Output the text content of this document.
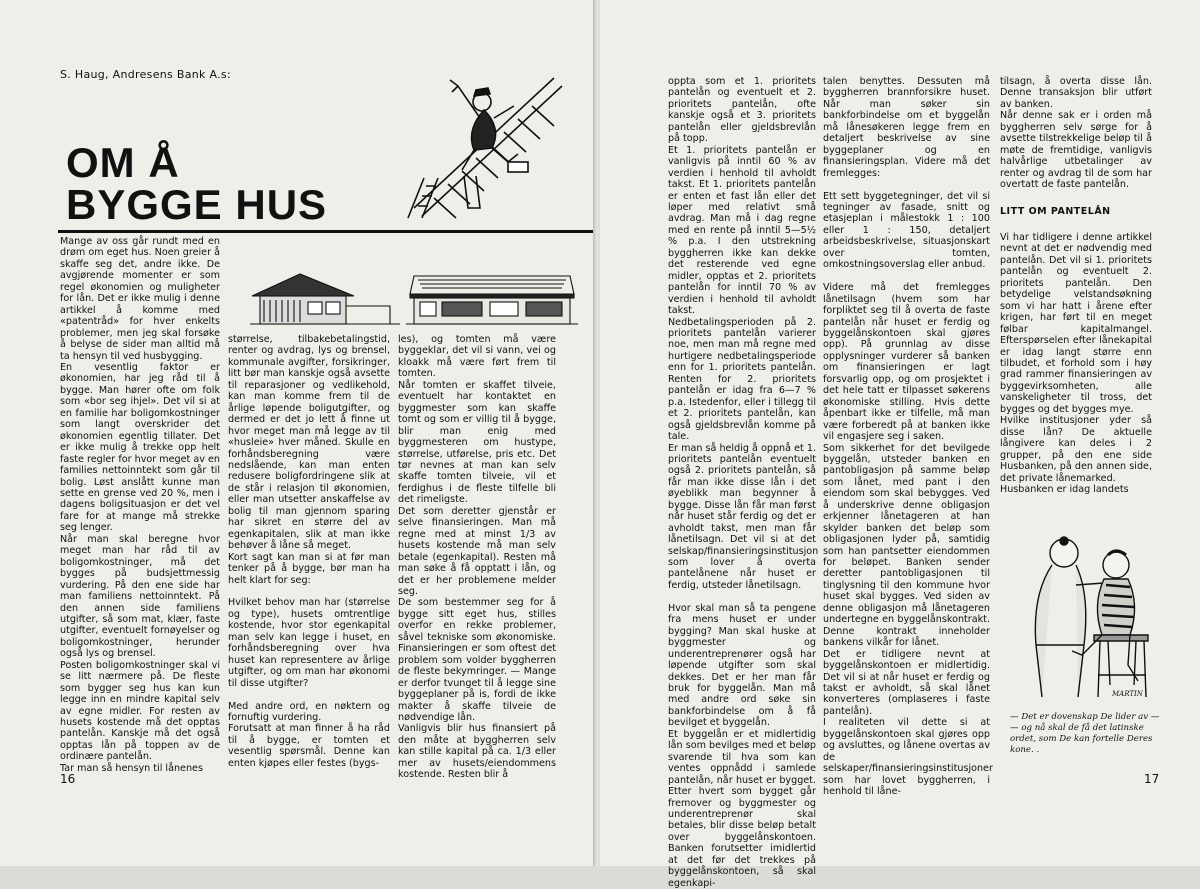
S. Haug, Andresens Bank A.s:
OM Å
BYGGE HUS
Mange av oss går rundt med en drøm om eget hus. Noen greier å skaffe seg det, andre ikke. De avgjørende momenter er som regel økonomien og muligheter for lån. Det er ikke mulig i denne artikkel å komme med «patentråd» for hver enkelts problemer, men jeg skal forsøke å belyse de sider man alltid må ta hensyn til ved husbygging.
En vesentlig faktor er økonomien, har jeg råd til å bygge. Man hører ofte om folk som «bor seg ihjel». Det vil si at en familie har boligomkostninger som langt overskrider det økonomien egentlig tillater. Det er ikke mulig å trekke opp helt faste regler for hvor meget av en families nettoinntekt som går til bolig. Løst anslått kunne man sette en grense ved 20 %, men i dagens boligsituasjon er det vel fare for at mange må strekke seg lenger.
Når man skal beregne hvor meget man har råd til av boligomkostninger, må det bygges på budsjettmessig vurdering. På den ene side har man familiens nettoinntekt. På den annen side familiens utgifter, så som mat, klær, faste utgifter, eventuelt fornøyelser og boligomkostninger, herunder også lys og brensel.
Posten boligomkostninger skal vi se litt nærmere på. De fleste som bygger seg hus kan kun legge inn en mindre kapital selv av egne midler. For resten av husets kostende må det opptas pantelån. Kanskje må det også opptas lån på toppen av de ordinære pantelån.
Tar man så hensyn til lånenes
størrelse, tilbakebetalingstid, renter og avdrag, lys og brensel, kommunale avgifter, forsikringer, litt bør man kanskje også avsette til reparasjoner og vedlikehold, kan man komme frem til de årlige løpende boligutgifter, og dermed er det jo lett å finne ut hvor meget man må legge av til «husleie» hver måned. Skulle en forhåndsberegning være nedslående, kan man enten redusere boligfordringene slik at de står i relasjon til økonomien, eller man utsetter anskaffelse av bolig til man gjennom sparing har sikret en større del av egenkapitalen, slik at man ikke behøver å låne så meget.
Kort sagt kan man si at før man tenker på å bygge, bør man ha helt klart for seg:

Hvilket behov man har (størrelse og type), husets omtrentlige kostende, hvor stor egenkapital man selv kan legge i huset, en forhåndsberegning over hva huset kan representere av årlige utgifter, og om man har økonomi til disse utgifter?

Med andre ord, en nøktern og fornuftig vurdering.
Forutsatt at man finner å ha råd til å bygge, er tomten et vesentlig spørsmål. Denne kan enten kjøpes eller festes (bygs-
les), og tomten må være byggeklar, det vil si vann, vei og kloakk må være ført frem til tomten.
Når tomten er skaffet tilveie, eventuelt har kontaktet en byggmester som kan skaffe tomt og som er villig til å bygge, blir man enig med byggmesteren om hustype, størrelse, utførelse, pris etc. Det tør nevnes at man kan selv skaffe tomten tilveie, vil et ferdighus i de fleste tilfelle bli det rimeligste.
Det som deretter gjenstår er selve finansieringen. Man må regne med at minst 1/3 av husets kostende må man selv betale (egenkapital). Resten må man søke å få opptatt i lån, og det er her problemene melder seg.
De som bestemmer seg for å bygge sitt eget hus, stilles overfor en rekke problemer, såvel tekniske som økonomiske. Finansieringen er som oftest det problem som volder byggherren de fleste bekymringer. — Mange er derfor tvunget til å legge sine byggeplaner på is, fordi de ikke makter å skaffe tilveie de nødvendige lån.
Vanligvis blir hus finansiert på den måte at byggherren selv kan stille kapital på ca. 1/3 eller mer av husets/eiendommens kostende. Resten blir å
16
oppta som et 1. prioritets pantelån og eventuelt et 2. prioritets pantelån, ofte kanskje også et 3. prioritets pantelån eller gjeldsbrevlån på topp.
Et 1. prioritets pantelån er vanligvis på inntil 60 % av verdien i henhold til avholdt takst. Et 1. prioritets pantelån er enten et fast lån eller det løper med relativt små avdrag. Man må i dag regne med en rente på inntil 5—5½ % p.a. I den utstrekning byggherren ikke kan dekke det resterende ved egne midler, opptas et 2. prioritets pantelån for inntil 70 % av verdien i henhold til avholdt takst.
Nedbetalingsperioden på 2. prioritets pantelån varierer noe, men man må regne med hurtigere nedbetalingsperiode enn for 1. prioritets pantelån. Renten for 2. prioritets pantelån er idag fra 6—7 % p.a. Istedenfor, eller i tillegg til et 2. prioritets pantelån, kan også gjeldsbrevlån komme på tale.
Er man så heldig å oppnå et 1. prioritets pantelån eventuelt også 2. prioritets pantelån, så får man ikke disse lån i det øyeblikk man begynner å bygge. Disse lån får man først når huset står ferdig og det er avholdt takst, men man får lånetilsagn. Det vil si at det selskap/finansieringsinstitusjon som lover å overta pantelånene når huset er ferdig, utsteder lånetilsagn.

Hvor skal man så ta pengene fra mens huset er under bygging? Man skal huske at byggmester og underentreprenører også har løpende utgifter som skal dekkes. Det er her man får bruk for byggelån. Man må med andre ord søke sin bankforbindelse om å få bevilget et byggelån.
Et byggelån er et midlertidig lån som bevilges med et beløp svarende til hva som kan ventes oppnådd i samlede pantelån, når huset er bygget. Etter hvert som bygget går fremover og byggmester og underentreprenør skal betales, blir disse beløp betalt over byggelånskontoen. Banken forutsetter imidlertid at det før det trekkes på byggelånskontoen, så skal egenkapi-
talen benyttes. Dessuten må byggherren brannforsikre huset. Når man søker sin bankforbindelse om et byggelån må lånesøkeren legge frem en detaljert beskrivelse av sine byggeplaner og en finansieringsplan. Videre må det fremlegges:

Ett sett byggetegninger, det vil si tegninger av fasade, snitt og etasjeplan i målestokk 1 : 100 eller 1 : 150, detaljert arbeidsbeskrivelse, situasjonskart over tomten, omkostningsoverslag eller anbud.

Videre må det fremlegges lånetilsagn (hvem som har forpliktet seg til å overta de faste pantelån når huset er ferdig og byggelånskontoen skal gjøres opp). På grunnlag av disse opplysninger vurderer så banken om finansieringen er lagt forsvarlig opp, og om prosjektet i det hele tatt er tilpasset søkerens økonomiske stilling. Hvis dette åpenbart ikke er tilfelle, må man være forberedt på at banken ikke vil engasjere seg i saken.
Som sikkerhet for det bevilgede byggelån, utsteder banken en pantobligasjon på samme beløp som lånet, med pant i den eiendom som skal bebygges. Ved å underskrive denne obligasjon erkjenner lånetageren at han skylder banken det beløp som obligasjonen lyder på, samtidig som han pantsetter eiendommen for beløpet. Banken sender deretter pantobligasjonen til tinglysning til den kommune hvor huset skal bygges. Ved siden av denne obligasjon må lånetageren undertegne en byggelånskontrakt. Denne kontrakt inneholder bankens vilkår for lånet.
Det er tidligere nevnt at byggelånskontoen er midlertidig. Det vil si at når huset er ferdig og takst er avholdt, så skal lånet konverteres (omplaseres i faste pantelån).
I realiteten vil dette si at byggelånskontoen skal gjøres opp og avsluttes, og lånene overtas av de selskaper/finansieringsinstitusjoner som har lovet byggherren, i henhold til låne-
tilsagn, å overta disse lån. Denne transaksjon blir utført av banken.
Når denne sak er i orden må byggherren selv sørge for å avsette tilstrekkelige beløp til å møte de fremtidige, vanligvis halvårlige utbetalinger av renter og avdrag til de som har overtatt de faste pantelån.
LITT OM PANTELÅN
Vi har tidligere i denne artikkel nevnt at det er nødvendig med pantelån. Det vil si 1. prioritets pantelån og eventuelt 2. prioritets pantelån. Den betydelige velstandsøkning som vi har hatt i årene efter krigen, har ført til en meget følbar kapitalmangel. Efterspørselen efter lånekapital er idag langt større enn tilbudet, et forhold som i høy grad rammer finansieringen av byggevirksomheten, alle vanskeligheter til tross, det bygges og det bygges mye.
Hvilke institusjoner yder så disse lån? De aktuelle långivere kan deles i 2 grupper, på den ene side Husbanken, på den annen side, det private lånemarked.
Husbanken er idag landets
MARTIN
— Det er dovenskap De lider av — — og nå skal de få det latinske ordet, som De kan fortelle Deres kone. .
17
